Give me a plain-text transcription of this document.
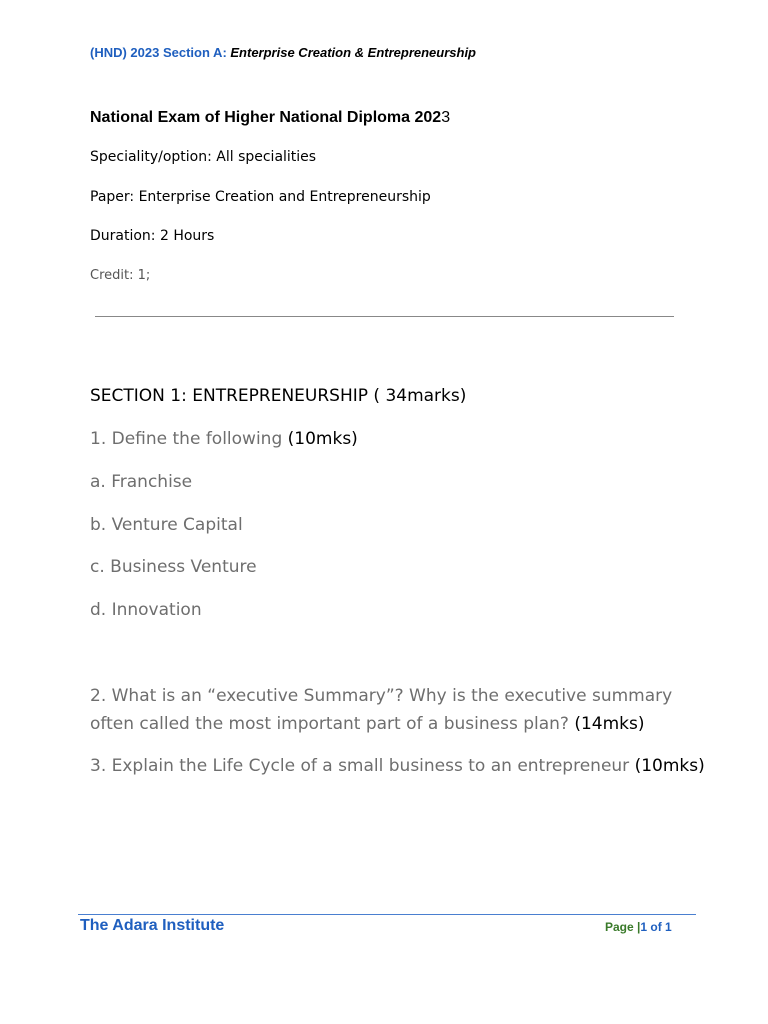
(HND) 2023 Section A: Enterprise Creation & Entrepreneurship
National Exam of Higher National Diploma 2023
Speciality/option: All specialities
Paper: Enterprise Creation and Entrepreneurship
Duration: 2 Hours
Credit: 1;
SECTION 1: ENTREPRENEURSHIP ( 34marks)
1. Define the following (10mks)
a. Franchise
b. Venture Capital
c. Business Venture
d. Innovation
2. What is an “executive Summary”? Why is the executive summary often called the most important part of a business plan? (14mks)
3. Explain the Life Cycle of a small business to an entrepreneur (10mks)
The Adara Institute	Page |1 of 1
